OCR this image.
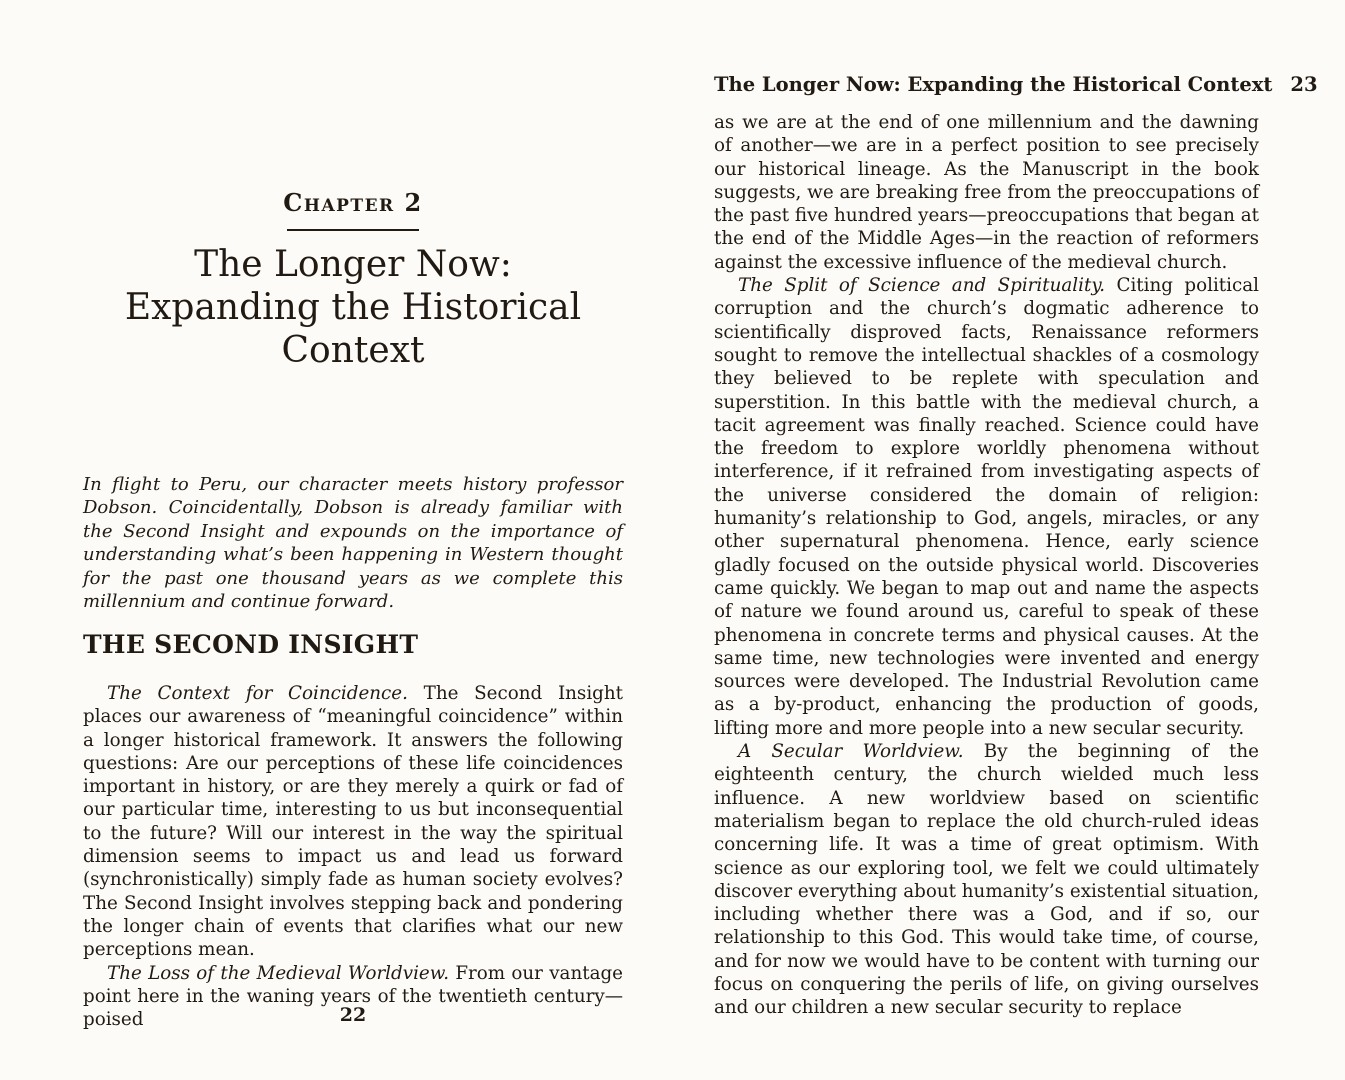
Chapter 2
The Longer Now:
Expanding the Historical
Context

In flight to Peru, our character meets history professor Dobson. Coincidentally, Dobson is already familiar with the Second Insight and expounds on the importance of understanding what’s been happening in Western thought for the past one thousand years as we complete this millennium and continue forward.

THE SECOND INSIGHT

The Context for Coincidence. The Second Insight places our awareness of “meaningful coincidence” within a longer historical framework. It answers the following questions: Are our perceptions of these life coincidences important in history, or are they merely a quirk or fad of our particular time, interesting to us but inconsequential to the future? Will our interest in the way the spiritual dimension seems to impact us and lead us forward (synchronistically) simply fade as human society evolves? The Second Insight involves stepping back and pondering the longer chain of events that clarifies what our new perceptions mean.

The Loss of the Medieval Worldview. From our vantage point here in the waning years of the twentieth century—poised	22
The Longer Now: Expanding the Historical Context 23

as we are at the end of one millennium and the dawning of another—we are in a perfect position to see precisely our historical lineage. As the Manuscript in the book suggests, we are breaking free from the preoccupations of the past five hundred years—preoccupations that began at the end of the Middle Ages—in the reaction of reformers against the excessive influence of the medieval church.

The Split of Science and Spirituality. Citing political corruption and the church’s dogmatic adherence to scientifically disproved facts, Renaissance reformers sought to remove the intellectual shackles of a cosmology they believed to be replete with speculation and superstition. In this battle with the medieval church, a tacit agreement was finally reached. Science could have the freedom to explore worldly phenomena without interference, if it refrained from investigating aspects of the universe considered the domain of religion: humanity’s relationship to God, angels, miracles, or any other supernatural phenomena. Hence, early science gladly focused on the outside physical world. Discoveries came quickly. We began to map out and name the aspects of nature we found around us, careful to speak of these phenomena in concrete terms and physical causes. At the same time, new technologies were invented and energy sources were developed. The Industrial Revolution came as a by-product, enhancing the production of goods, lifting more and more people into a new secular security.

A Secular Worldview. By the beginning of the eighteenth century, the church wielded much less influence. A new worldview based on scientific materialism began to replace the old church-ruled ideas concerning life. It was a time of great optimism. With science as our exploring tool, we felt we could ultimately discover everything about humanity’s existential situation, including whether there was a God, and if so, our relationship to this God. This would take time, of course, and for now we would have to be content with turning our focus on conquering the perils of life, on giving ourselves and our children a new secular security to replace
